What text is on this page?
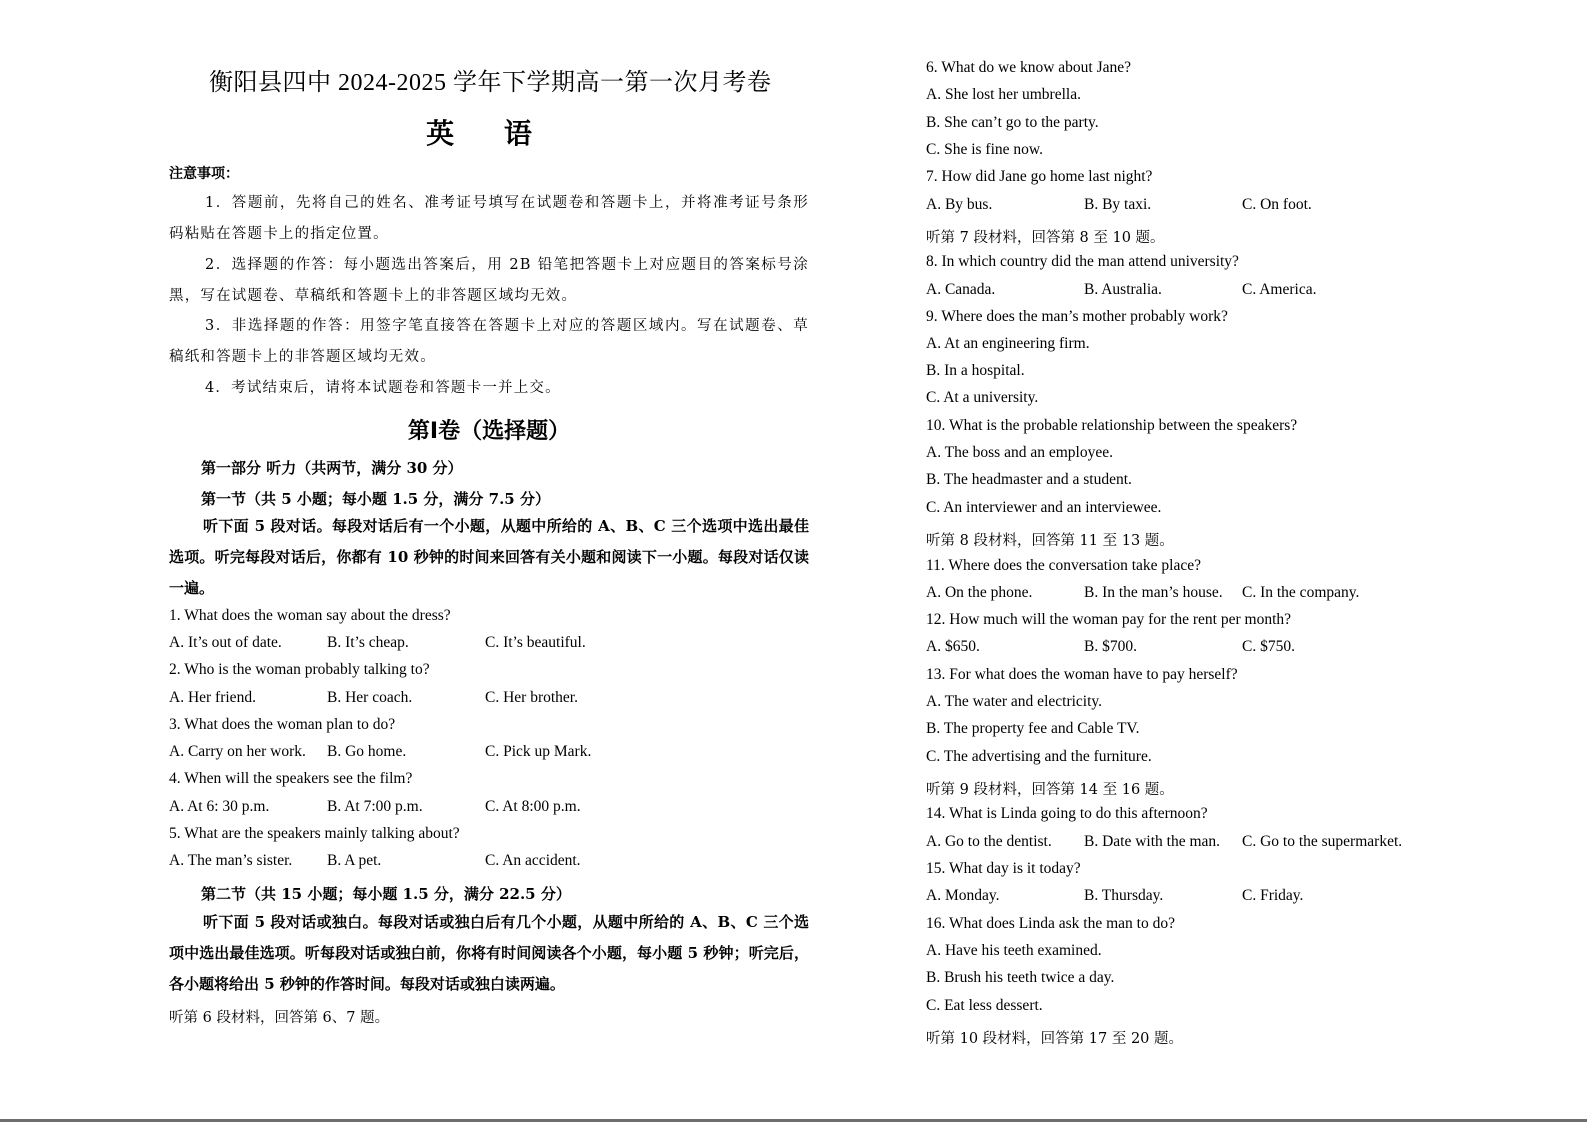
衡阳县四中 2024-2025 学年下学期高一第一次月考卷
英 语
注意事项：

1．答题前，先将自己的姓名、准考证号填写在试题卷和答题卡上，并将准考证号条形码粘贴在答题卡上的指定位置。

2．选择题的作答：每小题选出答案后，用 2B 铅笔把答题卡上对应题目的答案标号涂黑，写在试题卷、草稿纸和答题卡上的非答题区域均无效。

3．非选择题的作答：用签字笔直接答在答题卡上对应的答题区域内。写在试题卷、草稿纸和答题卡上的非答题区域均无效。

4．考试结束后，请将本试题卷和答题卡一并上交。

第Ⅰ卷（选择题）
第一部分 听力（共两节，满分 30 分）
第一节（共 5 小题；每小题 1.5 分，满分 7.5 分）

听下面 5 段对话。每段对话后有一个小题，从题中所给的 A、B、C 三个选项中选出最佳选项。听完每段对话后，你都有 10 秒钟的时间来回答有关小题和阅读下一小题。每段对话仅读一遍。

1. What does the woman say about the dress?
A. It’s out of date.	B. It’s cheap.	C. It’s beautiful.
2. Who is the woman probably talking to?
A. Her friend.	B. Her coach.	C. Her brother.
3. What does the woman plan to do?
A. Carry on her work. B. Go home.	C. Pick up Mark.
4. When will the speakers see the film?
A. At 6: 30 p.m.	B. At 7:00 p.m.	C. At 8:00 p.m.
5. What are the speakers mainly talking about?
A. The man’s sister. B. A pet.	C. An accident.
第二节（共 15 小题；每小题 1.5 分，满分 22.5 分）

听下面 5 段对话或独白。每段对话或独白后有几个小题，从题中所给的 A、B、C 三个选项中选出最佳选项。听每段对话或独白前，你将有时间阅读各个小题，每小题 5 秒钟；听完后，各小题将给出 5 秒钟的作答时间。每段对话或独白读两遍。

听第 6 段材料，回答第 6、7 题。
6. What do we know about Jane?
A. She lost her umbrella.
B. She can’t go to the party.
C. She is fine now.
7. How did Jane go home last night?
A. By bus.	B. By taxi.	C. On foot.
听第 7 段材料，回答第 8 至 10 题。
8. In which country did the man attend university?
A. Canada.	B. Australia.	C. America.
9. Where does the man’s mother probably work?
A. At an engineering firm.
B. In a hospital.
C. At a university.
10. What is the probable relationship between the speakers?
A. The boss and an employee.
B. The headmaster and a student.
C. An interviewer and an interviewee.
听第 8 段材料，回答第 11 至 13 题。
11. Where does the conversation take place?
A. On the phone.	B. In the man’s house. C. In the company.
12. How much will the woman pay for the rent per month?
A. $650.	B. $700.	C. $750.
13. For what does the woman have to pay herself?
A. The water and electricity.
B. The property fee and Cable TV.
C. The advertising and the furniture.
听第 9 段材料，回答第 14 至 16 题。
14. What is Linda going to do this afternoon?
A. Go to the dentist. B. Date with the man. C. Go to the supermarket.
15. What day is it today?
A. Monday.	B. Thursday.	C. Friday.
16. What does Linda ask the man to do?
A. Have his teeth examined.
B. Brush his teeth twice a day.
C. Eat less dessert.
听第 10 段材料，回答第 17 至 20 题。
